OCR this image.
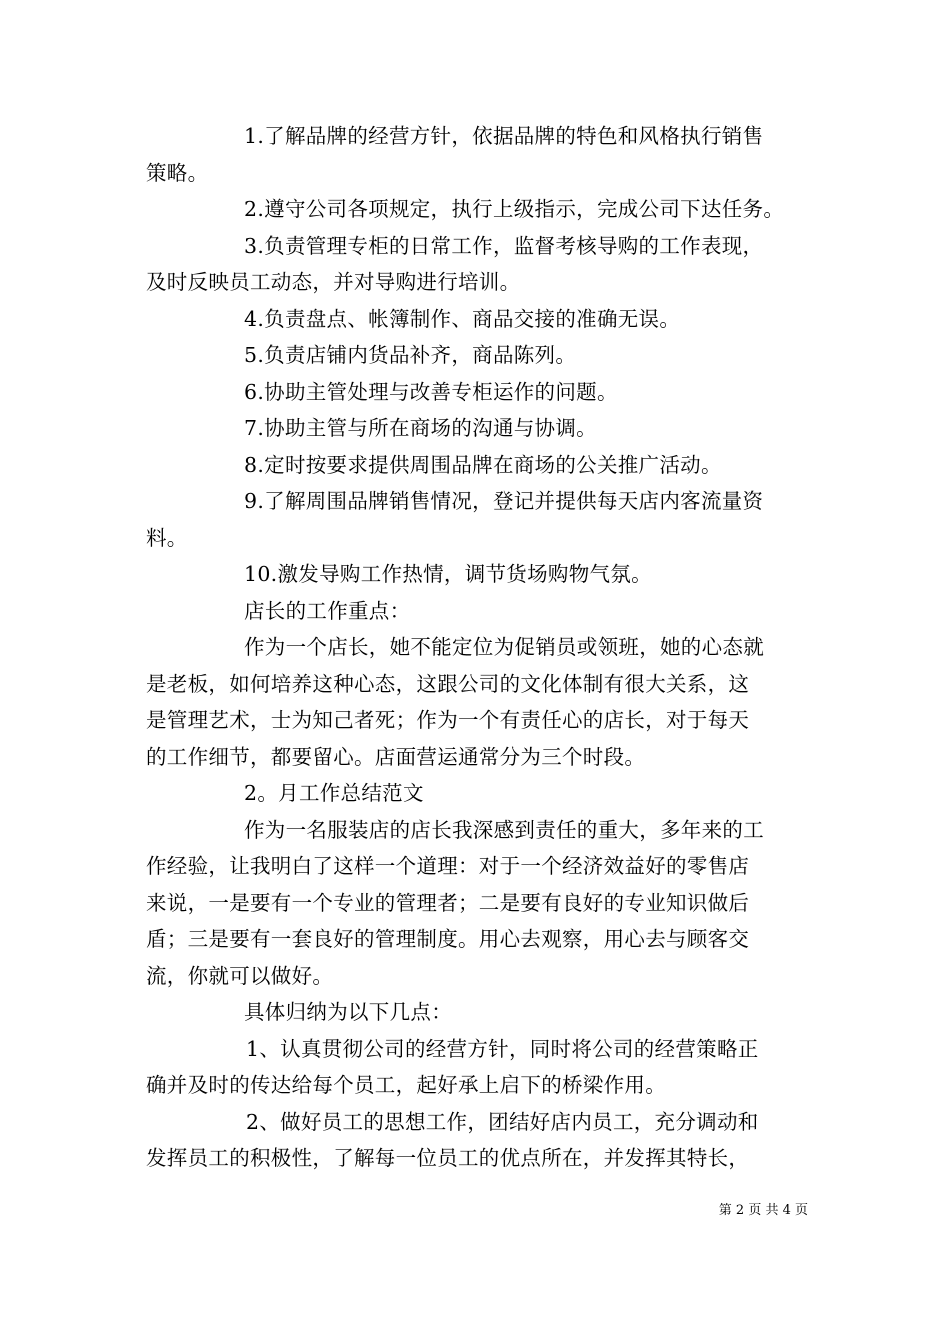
1.了解品牌的经营方针，依据品牌的特色和风格执行销售
策略。
2.遵守公司各项规定，执行上级指示，完成公司下达任务。
3.负责管理专柜的日常工作，监督考核导购的工作表现，
及时反映员工动态，并对导购进行培训。
4.负责盘点、帐簿制作、商品交接的准确无误。
5.负责店铺内货品补齐，商品陈列。
6.协助主管处理与改善专柜运作的问题。
7.协助主管与所在商场的沟通与协调。
8.定时按要求提供周围品牌在商场的公关推广活动。
9.了解周围品牌销售情况，登记并提供每天店内客流量资
料。
10.激发导购工作热情，调节货场购物气氛。
店长的工作重点：
作为一个店长，她不能定位为促销员或领班，她的心态就
是老板，如何培养这种心态，这跟公司的文化体制有很大关系，这
是管理艺术，士为知己者死；作为一个有责任心的店长，对于每天
的工作细节，都要留心。店面营运通常分为三个时段。
2。月工作总结范文
作为一名服装店的店长我深感到责任的重大，多年来的工
作经验，让我明白了这样一个道理：对于一个经济效益好的零售店
来说，一是要有一个专业的管理者；二是要有良好的专业知识做后
盾；三是要有一套良好的管理制度。用心去观察，用心去与顾客交
流，你就可以做好。
具体归纳为以下几点：
1、认真贯彻公司的经营方针，同时将公司的经营策略正
确并及时的传达给每个员工，起好承上启下的桥梁作用。
2、做好员工的思想工作，团结好店内员工，充分调动和
发挥员工的积极性，了解每一位员工的优点所在，并发挥其特长，
第 2 页 共 4 页
